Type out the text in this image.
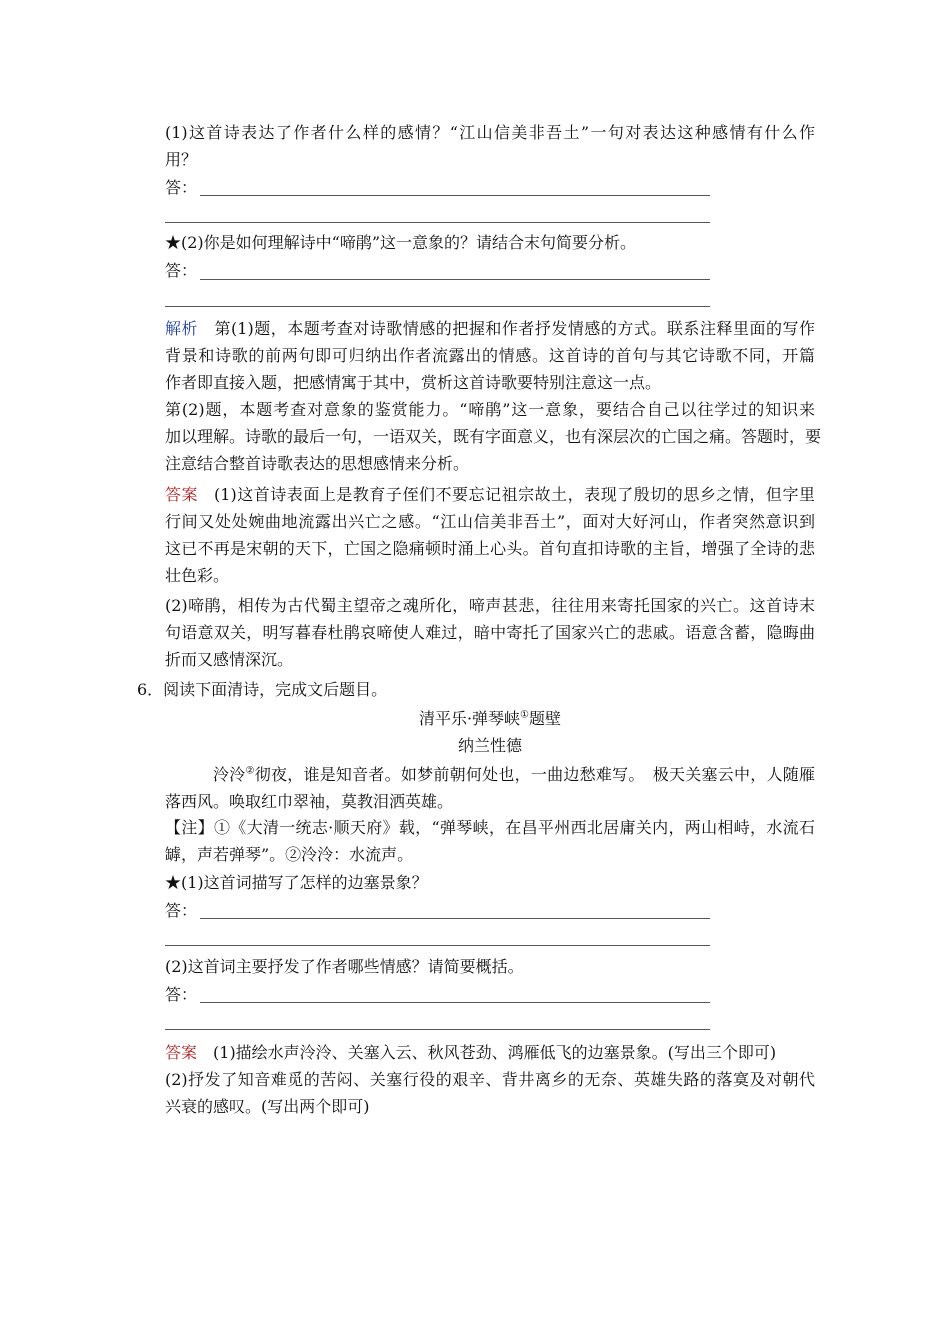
(1)这首诗表达了作者什么样的感情？“江山信美非吾土”一句对表达这种感情有什么作
用？
答：
★(2)你是如何理解诗中“啼鹃”这一意象的？请结合末句简要分析。
答：
解析 第(1)题，本题考查对诗歌情感的把握和作者抒发情感的方式。联系注释里面的写作
背景和诗歌的前两句即可归纳出作者流露出的情感。这首诗的首句与其它诗歌不同，开篇
作者即直接入题，把感情寓于其中，赏析这首诗歌要特别注意这一点。
第(2)题，本题考查对意象的鉴赏能力。“啼鹃”这一意象，要结合自己以往学过的知识来
加以理解。诗歌的最后一句，一语双关，既有字面意义，也有深层次的亡国之痛。答题时，要
注意结合整首诗歌表达的思想感情来分析。
答案 (1)这首诗表面上是教育子侄们不要忘记祖宗故土，表现了殷切的思乡之情，但字里
行间又处处婉曲地流露出兴亡之感。“江山信美非吾土”，面对大好河山，作者突然意识到
这已不再是宋朝的天下，亡国之隐痛顿时涌上心头。首句直扣诗歌的主旨，增强了全诗的悲
壮色彩。
(2)啼鹃，相传为古代蜀主望帝之魂所化，啼声甚悲，往往用来寄托国家的兴亡。这首诗末
句语意双关，明写暮春杜鹃哀啼使人难过，暗中寄托了国家兴亡的悲戚。语意含蓄，隐晦曲
折而又感情深沉。
6．阅读下面清诗，完成文后题目。
清平乐·弹琴峡①题壁
纳兰性德
泠泠②彻夜，谁是知音者。如梦前朝何处也，一曲边愁难写。　极天关塞云中，人随雁
落西风。唤取红巾翠袖，莫教泪洒英雄。
【注】①《大清一统志·顺天府》载，“弹琴峡，在昌平州西北居庸关内，两山相峙，水流石
罅，声若弹琴”。②泠泠：水流声。
★(1)这首词描写了怎样的边塞景象？
答：
(2)这首词主要抒发了作者哪些情感？请简要概括。
答：
答案 (1)描绘水声泠泠、关塞入云、秋风苍劲、鸿雁低飞的边塞景象。(写出三个即可)
(2)抒发了知音难觅的苦闷、关塞行役的艰辛、背井离乡的无奈、英雄失路的落寞及对朝代
兴衰的感叹。(写出两个即可)
